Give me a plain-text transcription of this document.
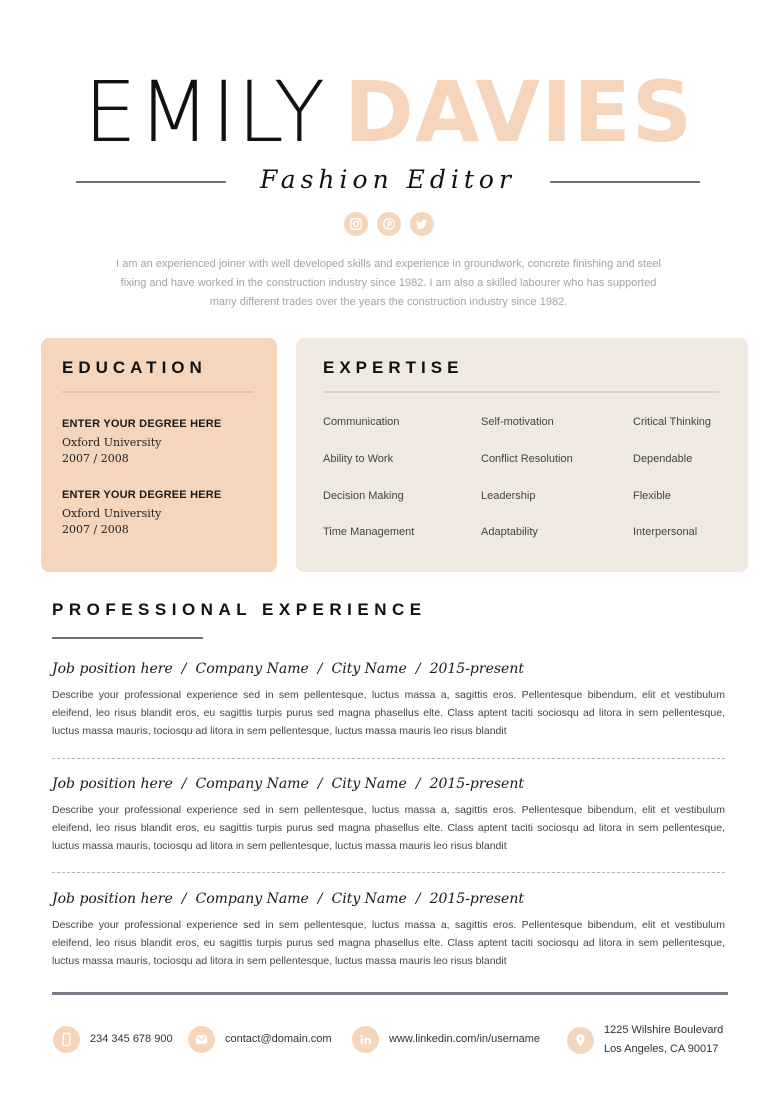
EMILY DAVIES
Fashion Editor
I am an experienced joiner with well developed skills and experience in groundwork, concrete finishing and steel fixing and have worked in the construction industry since 1982. I am also a skilled labourer who has supported many different trades over the years the construction industry since 1982.
EDUCATION
ENTER YOUR DEGREE HERE
Oxford University
2007 / 2008
ENTER YOUR DEGREE HERE
Oxford University
2007 / 2008
EXPERTISE
Communication	Self-motivation	Critical Thinking
Ability to Work	Conflict Resolution	Dependable
Decision Making	Leadership	Flexible
Time Management	Adaptability	Interpersonal
PROFESSIONAL EXPERIENCE
Job position here / Company Name / City Name / 2015-present
Describe your professional experience sed in sem pellentesque, luctus massa a, sagittis eros. Pellentesque bibendum, elit et vestibulum eleifend, leo risus blandit eros, eu sagittis turpis purus sed magna phasellus elte. Class aptent taciti sociosqu ad litora in sem pellentesque, luctus massa mauris, tociosqu ad litora in sem pellentesque, luctus massa mauris leo risus blandit
Job position here / Company Name / City Name / 2015-present
Describe your professional experience sed in sem pellentesque, luctus massa a, sagittis eros. Pellentesque bibendum, elit et vestibulum eleifend, leo risus blandit eros, eu sagittis turpis purus sed magna phasellus elte. Class aptent taciti sociosqu ad litora in sem pellentesque, luctus massa mauris, tociosqu ad litora in sem pellentesque, luctus massa mauris leo risus blandit
Job position here / Company Name / City Name / 2015-present
Describe your professional experience sed in sem pellentesque, luctus massa a, sagittis eros. Pellentesque bibendum, elit et vestibulum eleifend, leo risus blandit eros, eu sagittis turpis purus sed magna phasellus elte. Class aptent taciti sociosqu ad litora in sem pellentesque, luctus massa mauris, tociosqu ad litora in sem pellentesque, luctus massa mauris leo risus blandit
234 345 678 900	contact@domain.com	www.linkedin.com/in/username
1225 Wilshire Boulevard
Los Angeles, CA 90017
